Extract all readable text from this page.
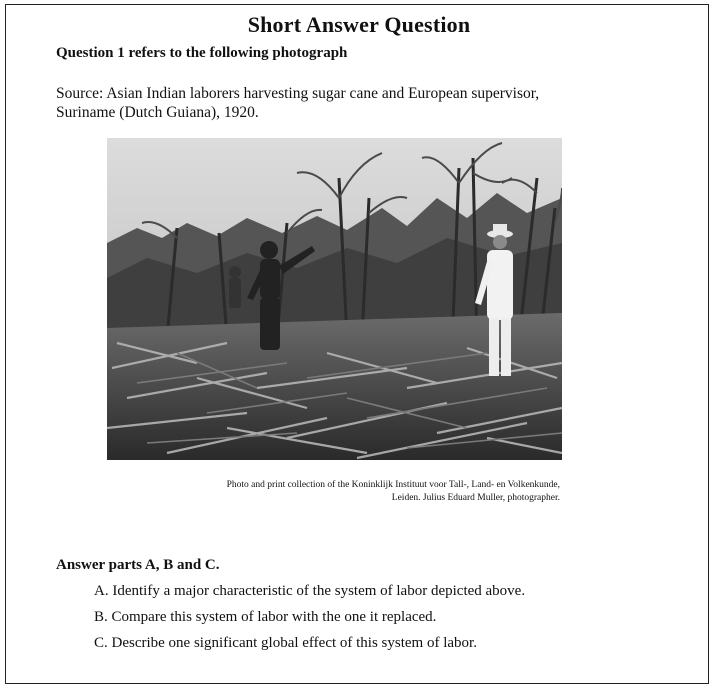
Short Answer Question
Question 1 refers to the following photograph
Source: Asian Indian laborers harvesting sugar cane and European supervisor,
Suriname (Dutch Guiana), 1920.
Photo and print collection of the Koninklijk Instituut voor Tall-, Land- en Volkenkunde,
Leiden. Julius Eduard Muller, photographer.
Answer parts A, B and C.
A. Identify a major characteristic of the system of labor depicted above.
B. Compare this system of labor with the one it replaced.
C. Describe one significant global effect of this system of labor.
